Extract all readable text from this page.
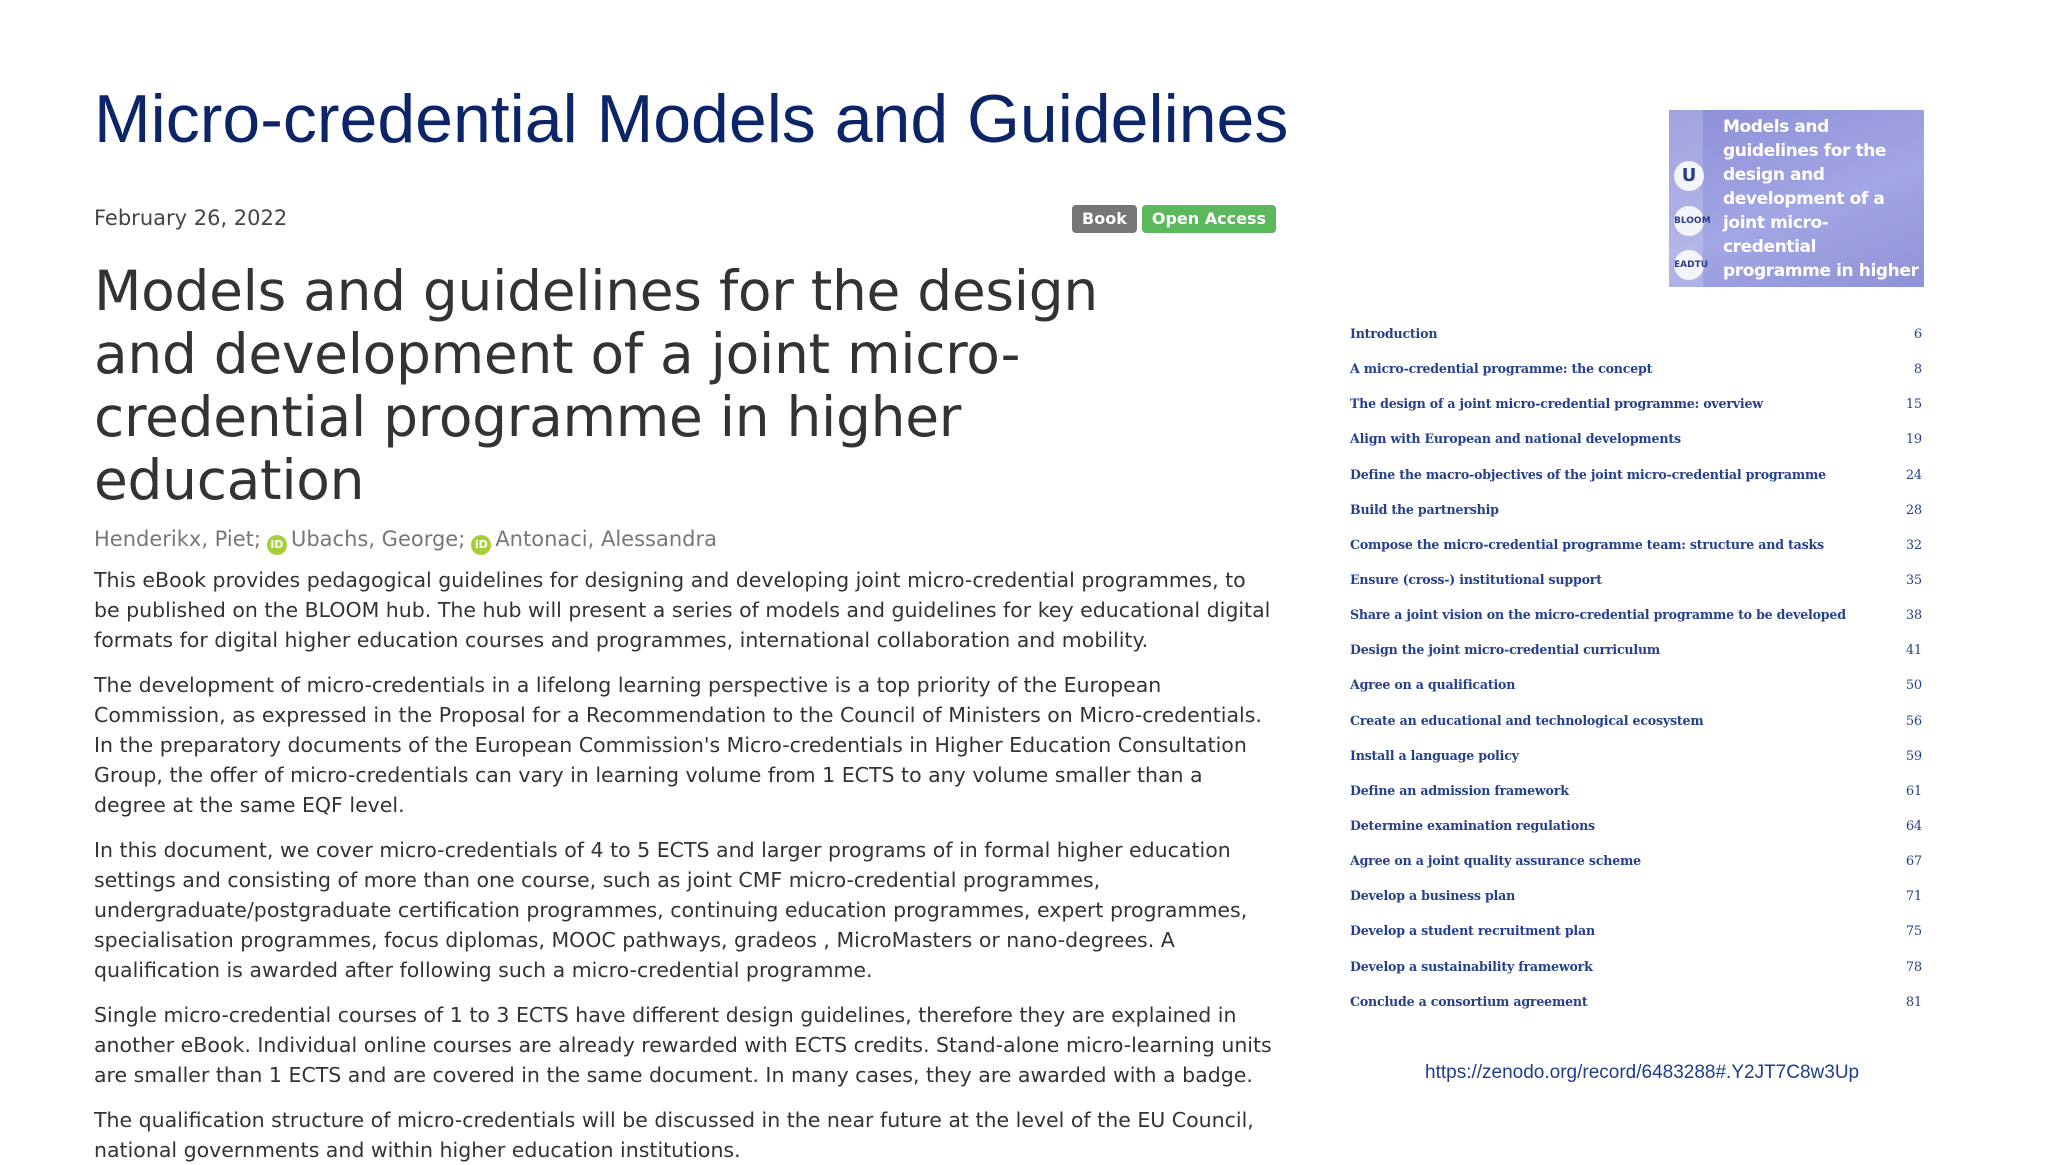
Micro-credential Models and Guidelines
February 26, 2022	Book	Open Access
Models and guidelines for the design and development of a joint micro-credential programme in higher education
Henderikx, Piet; iD Ubachs, George; iD Antonaci, Alessandra

This eBook provides pedagogical guidelines for designing and developing joint micro-credential programmes, to be published on the BLOOM hub. The hub will present a series of models and guidelines for key educational digital formats for digital higher education courses and programmes, international collaboration and mobility.

The development of micro-credentials in a lifelong learning perspective is a top priority of the European Commission, as expressed in the Proposal for a Recommendation to the Council of Ministers on Micro-credentials. In the preparatory documents of the European Commission's Micro-credentials in Higher Education Consultation Group, the offer of micro-credentials can vary in learning volume from 1 ECTS to any volume smaller than a degree at the same EQF level.

In this document, we cover micro-credentials of 4 to 5 ECTS and larger programs of in formal higher education settings and consisting of more than one course, such as joint CMF micro-credential programmes, undergraduate/postgraduate certification programmes, continuing education programmes, expert programmes, specialisation programmes, focus diplomas, MOOC pathways, gradeos , MicroMasters or nano-degrees. A qualification is awarded after following such a micro-credential programme.

Single micro-credential courses of 1 to 3 ECTS have different design guidelines, therefore they are explained in another eBook. Individual online courses are already rewarded with ECTS credits. Stand-alone micro-learning units are smaller than 1 ECTS and are covered in the same document. In many cases, they are awarded with a badge.

The qualification structure of micro-credentials will be discussed in the near future at the level of the EU Council, national governments and within higher education institutions.

U
BLOOM
EADTU
Models and guidelines for the design and development of a joint micro-credential programme in higher education
Introduction	6
A micro-credential programme: the concept	8
The design of a joint micro-credential programme: overview	15
Align with European and national developments	19
Define the macro-objectives of the joint micro-credential programme	24
Build the partnership	28
Compose the micro-credential programme team: structure and tasks	32
Ensure (cross-) institutional support	35
Share a joint vision on the micro-credential programme to be developed	38
Design the joint micro-credential curriculum	41
Agree on a qualification	50
Create an educational and technological ecosystem	56
Install a language policy	59
Define an admission framework	61
Determine examination regulations	64
Agree on a joint quality assurance scheme	67
Develop a business plan	71
Develop a student recruitment plan	75
Develop a sustainability framework	78
Conclude a consortium agreement	81
https://zenodo.org/record/6483288#.Y2JT7C8w3Up
